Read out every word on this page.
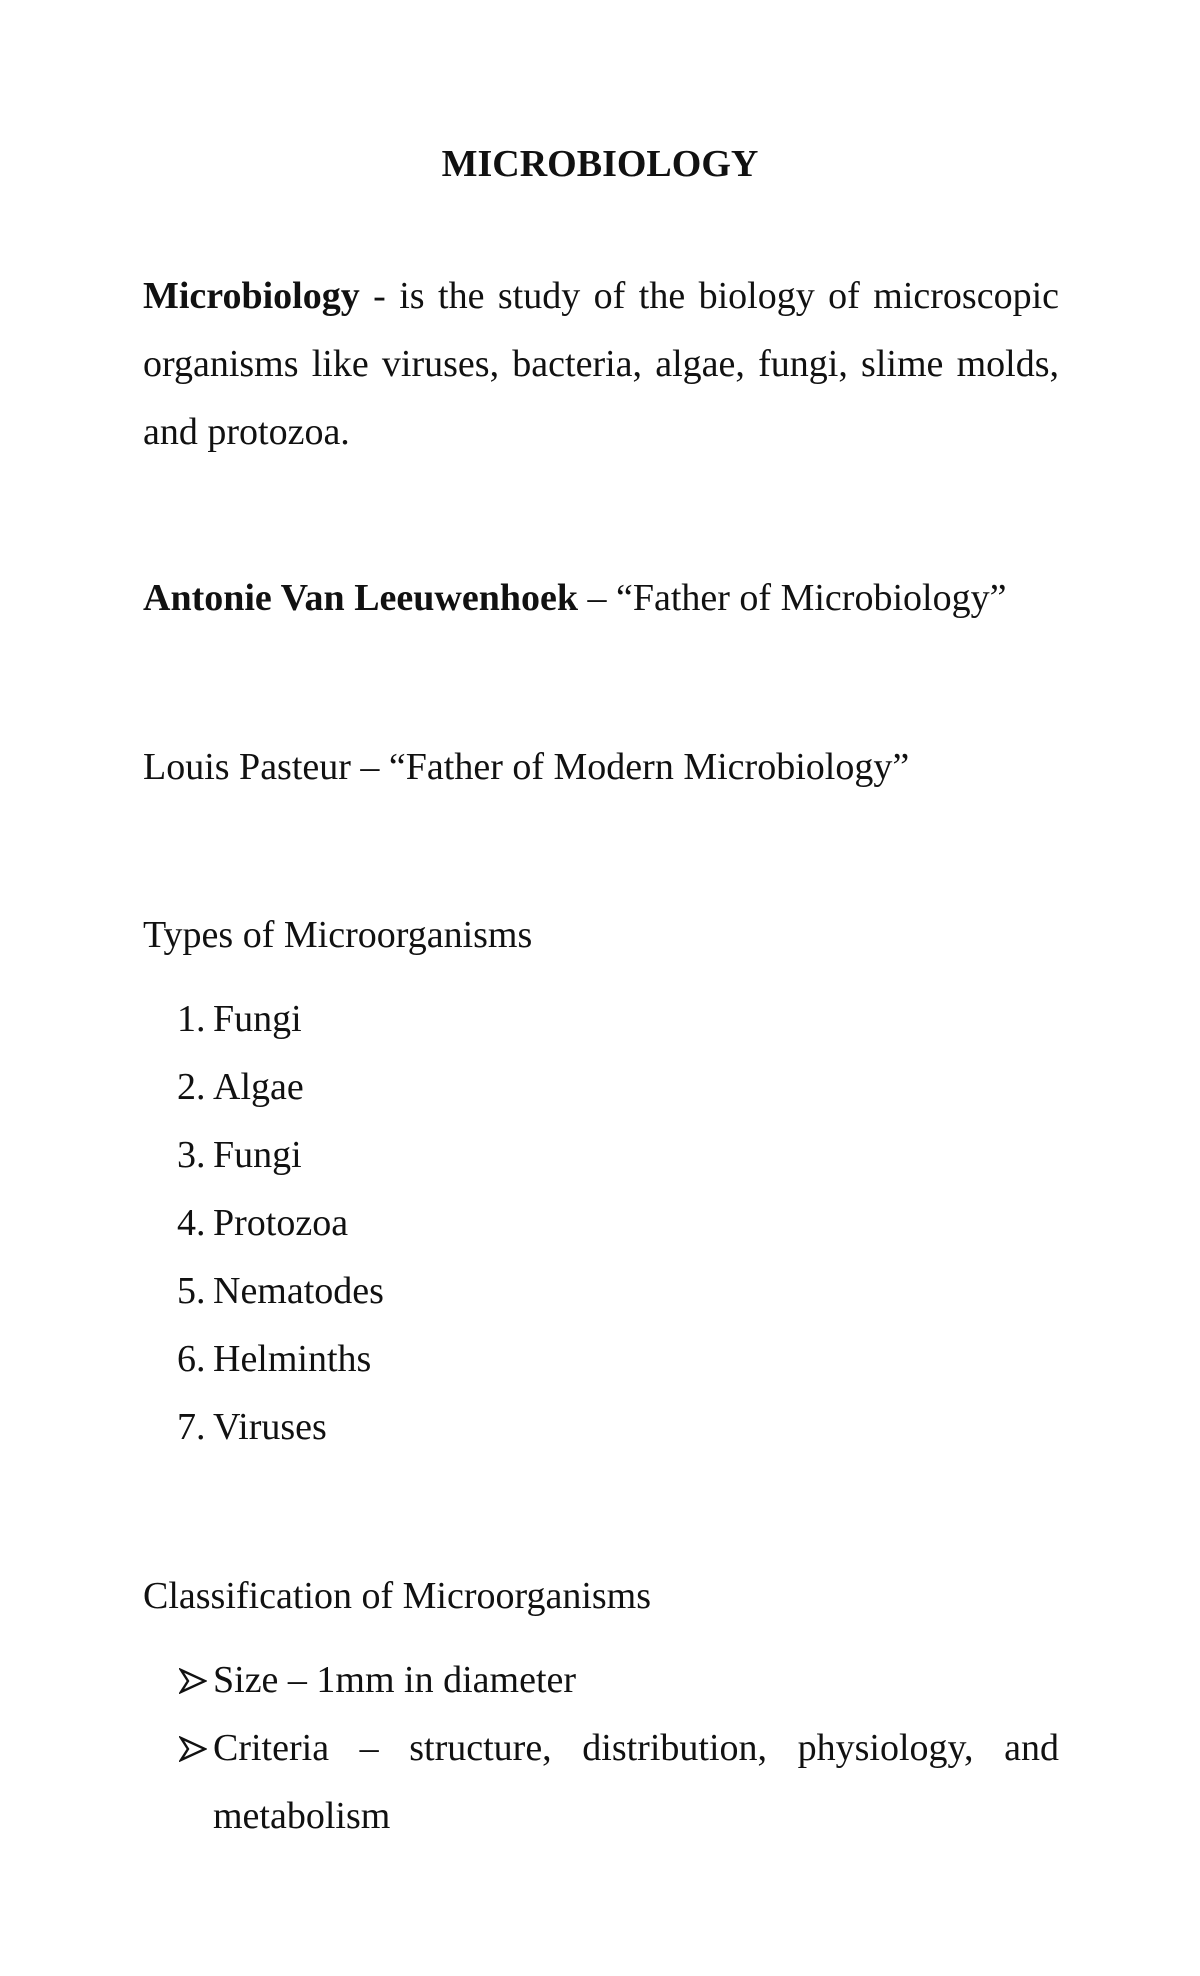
MICROBIOLOGY

Microbiology - is the study of the biology of microscopic organisms like viruses, bacteria, algae, fungi, slime molds, and protozoa.

Antonie Van Leeuwenhoek – “Father of Microbiology”

Louis Pasteur – “Father of Modern Microbiology”

Types of Microorganisms

1. Fungi
2. Algae
3. Fungi
4. Protozoa
5. Nematodes
6. Helminths
7. Viruses

Classification of Microorganisms

Size – 1mm in diameter
Criteria – structure, distribution, physiology, and metabolism
